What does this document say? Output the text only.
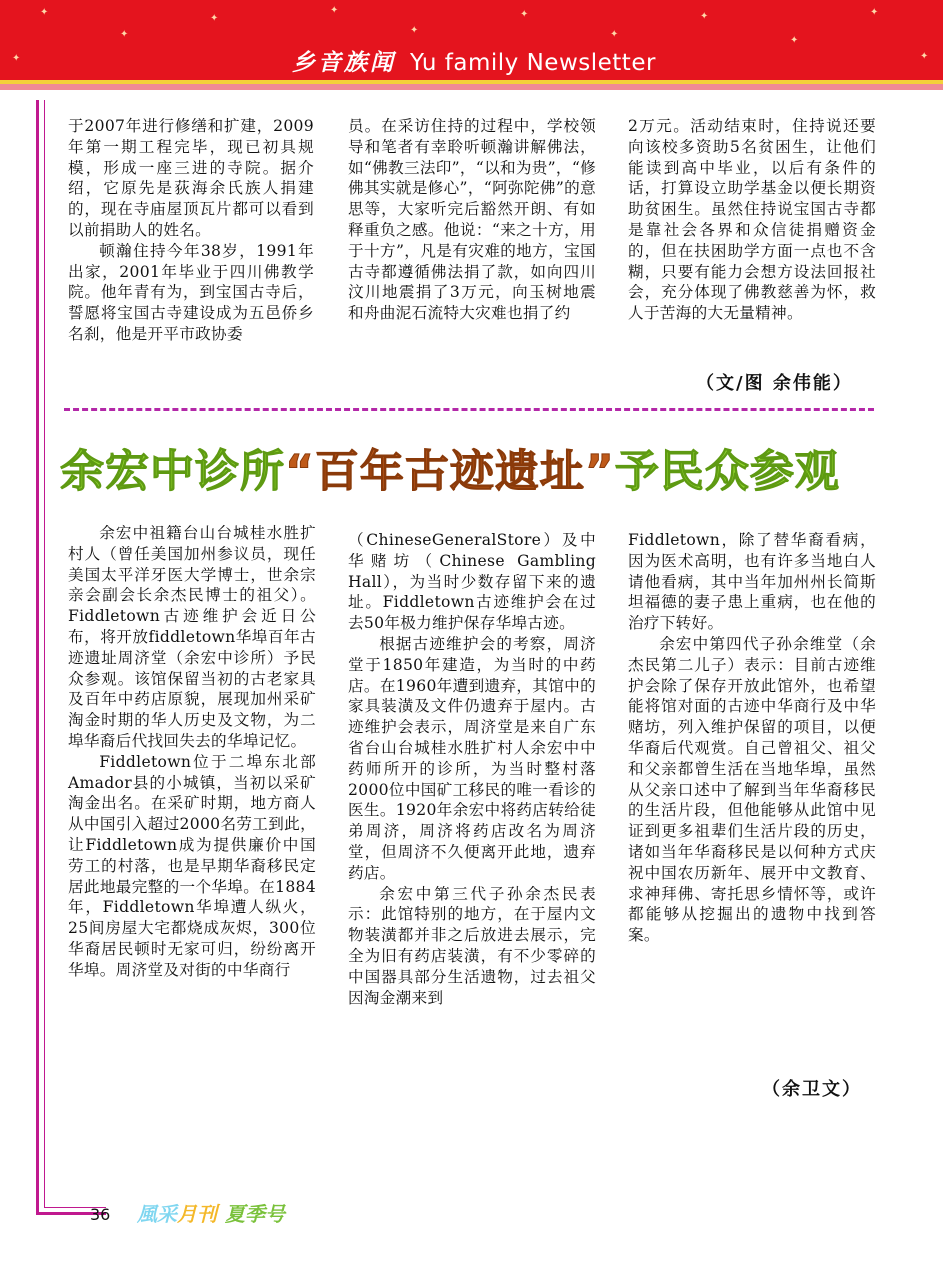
✦
✦
✦
✦
✦
✦
✦
✦
✦
✦
✦
✦	乡音族闻 Yu family Newsletter

于2007年进行修缮和扩建，2009年第一期工程完毕，现已初具规模，形成一座三进的寺院。据介绍，它原先是荻海余氏族人捐建的，现在寺庙屋顶瓦片都可以看到以前捐助人的姓名。

顿瀚住持今年38岁，1991年出家，2001年毕业于四川佛教学院。他年青有为，到宝国古寺后，誓愿将宝国古寺建设成为五邑侨乡名刹，他是开平市政协委

员。在采访住持的过程中，学校领导和笔者有幸聆听顿瀚讲解佛法，如“佛教三法印”，“以和为贵”，“修佛其实就是修心”，“阿弥陀佛”的意思等，大家听完后豁然开朗、有如释重负之感。他说：“来之十方，用于十方”，凡是有灾难的地方，宝国古寺都遵循佛法捐了款，如向四川汶川地震捐了3万元，向玉树地震和舟曲泥石流特大灾难也捐了约

2万元。活动结束时，住持说还要向该校多资助5名贫困生，让他们能读到高中毕业，以后有条件的话，打算设立助学基金以便长期资助贫困生。虽然住持说宝国古寺都是靠社会各界和众信徒捐赠资金的，但在扶困助学方面一点也不含糊，只要有能力会想方设法回报社会，充分体现了佛教慈善为怀，救人于苦海的大无量精神。

（文/图 余伟能）
余宏中诊所“百年古迹遗址”予民众参观

余宏中祖籍台山台城桂水胜扩村人（曾任美国加州参议员，现任美国太平洋牙医大学博士，世余宗亲会副会长余杰民博士的祖父）。Fiddletown古迹维护会近日公布，将开放fiddletown华埠百年古迹遗址周济堂（余宏中诊所）予民众参观。该馆保留当初的古老家具及百年中药店原貌，展现加州采矿淘金时期的华人历史及文物，为二埠华裔后代找回失去的华埠记忆。

Fiddletown位于二埠东北部Amador县的小城镇，当初以采矿淘金出名。在采矿时期，地方商人从中国引入超过2000名劳工到此，让Fiddletown成为提供廉价中国劳工的村落，也是早期华裔移民定居此地最完整的一个华埠。在1884年，Fiddletown华埠遭人纵火，25间房屋大宅都烧成灰烬，300位华裔居民顿时无家可归，纷纷离开华埠。周济堂及对街的中华商行

（ChineseGeneralStore）及中华赌坊（Chinese Gambling Hall），为当时少数存留下来的遗址。Fiddletown古迹维护会在过去50年极力维护保存华埠古迹。

根据古迹维护会的考察，周济堂于1850年建造，为当时的中药店。在1960年遭到遗弃，其馆中的家具装潢及文件仍遗弃于屋内。古迹维护会表示，周济堂是来自广东省台山台城桂水胜扩村人余宏中中药师所开的诊所，为当时整村落2000位中国矿工移民的唯一看诊的医生。1920年余宏中将药店转给徒弟周济，周济将药店改名为周济堂，但周济不久便离开此地，遗弃药店。

余宏中第三代子孙余杰民表示：此馆特别的地方，在于屋内文物装潢都并非之后放进去展示，完全为旧有药店装潢，有不少零碎的中国器具部分生活遗物，过去祖父因淘金潮来到

Fiddletown，除了替华裔看病，因为医术高明，也有许多当地白人请他看病，其中当年加州州长简斯坦福德的妻子患上重病，也在他的治疗下转好。

余宏中第四代子孙余维堂（余杰民第二儿子）表示：目前古迹维护会除了保存开放此馆外，也希望能将馆对面的古迹中华商行及中华赌坊，列入维护保留的项目，以便华裔后代观赏。自己曾祖父、祖父和父亲都曾生活在当地华埠，虽然从父亲口述中了解到当年华裔移民的生活片段，但他能够从此馆中见证到更多祖辈们生活片段的历史，诸如当年华裔移民是以何种方式庆祝中国农历新年、展开中文教育、求神拜佛、寄托思乡情怀等，或许都能够从挖掘出的遗物中找到答案。

（余卫文）
36 風采月刊 夏季号
